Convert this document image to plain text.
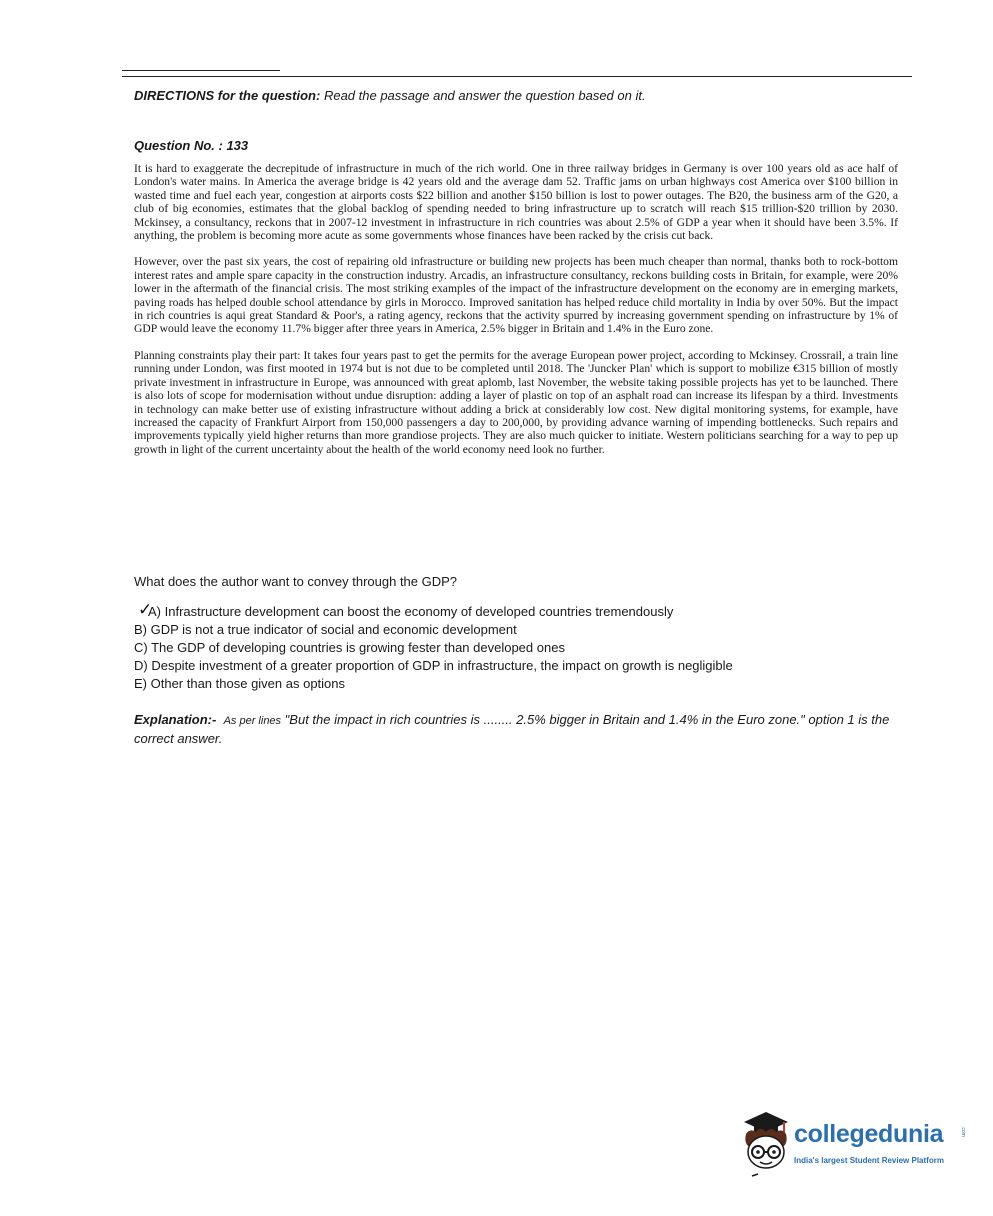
DIRECTIONS for the question: Read the passage and answer the question based on it.
Question No. : 133

It is hard to exaggerate the decrepitude of infrastructure in much of the rich world. One in three railway bridges in Germany is over 100 years old as ace half of London's water mains. In America the average bridge is 42 years old and the average dam 52. Traffic jams on urban highways cost America over $100 billion in wasted time and fuel each year, congestion at airports costs $22 billion and another $150 billion is lost to power outages. The B20, the business arm of the G20, a club of big economies, estimates that the global backlog of spending needed to bring infrastructure up to scratch will reach $15 trillion-$20 trillion by 2030. Mckinsey, a consultancy, reckons that in 2007-12 investment in infrastructure in rich countries was about 2.5% of GDP a year when it should have been 3.5%. If anything, the problem is becoming more acute as some governments whose finances have been racked by the crisis cut back.

However, over the past six years, the cost of repairing old infrastructure or building new projects has been much cheaper than normal, thanks both to rock-bottom interest rates and ample spare capacity in the construction industry. Arcadis, an infrastructure consultancy, reckons building costs in Britain, for example, were 20% lower in the aftermath of the financial crisis. The most striking examples of the impact of the infrastructure development on the economy are in emerging markets, paving roads has helped double school attendance by girls in Morocco. Improved sanitation has helped reduce child mortality in India by over 50%. But the impact in rich countries is aqui great Standard & Poor's, a rating agency, reckons that the activity spurred by increasing government spending on infrastructure by 1% of GDP would leave the economy 11.7% bigger after three years in America, 2.5% bigger in Britain and 1.4% in the Euro zone.

Planning constraints play their part: It takes four years past to get the permits for the average European power project, according to Mckinsey. Crossrail, a train line running under London, was first mooted in 1974 but is not due to be completed until 2018. The 'Juncker Plan' which is support to mobilize €315 billion of mostly private investment in infrastructure in Europe, was announced with great aplomb, last November, the website taking possible projects has yet to be launched. There is also lots of scope for modernisation without undue disruption: adding a layer of plastic on top of an asphalt road can increase its lifespan by a third. Investments in technology can make better use of existing infrastructure without adding a brick at considerably low cost. New digital monitoring systems, for example, have increased the capacity of Frankfurt Airport from 150,000 passengers a day to 200,000, by providing advance warning of impending bottlenecks. Such repairs and improvements typically yield higher returns than more grandiose projects. They are also much quicker to initiate. Western politicians searching for a way to pep up growth in light of the current uncertainty about the health of the world economy need look no further.

What does the author want to convey through the GDP?
✓
A) Infrastructure development can boost the economy of developed countries tremendously
B) GDP is not a true indicator of social and economic development
C) The GDP of developing countries is growing fester than developed ones
D) Despite investment of a greater proportion of GDP in infrastructure, the impact on growth is negligible
E) Other than those given as options
Explanation:- As per lines "But the impact in rich countries is ........ 2.5% bigger in Britain and 1.4% in the Euro zone." option 1 is the correct answer.
collegedunia	.com
India's largest Student Review Platform
